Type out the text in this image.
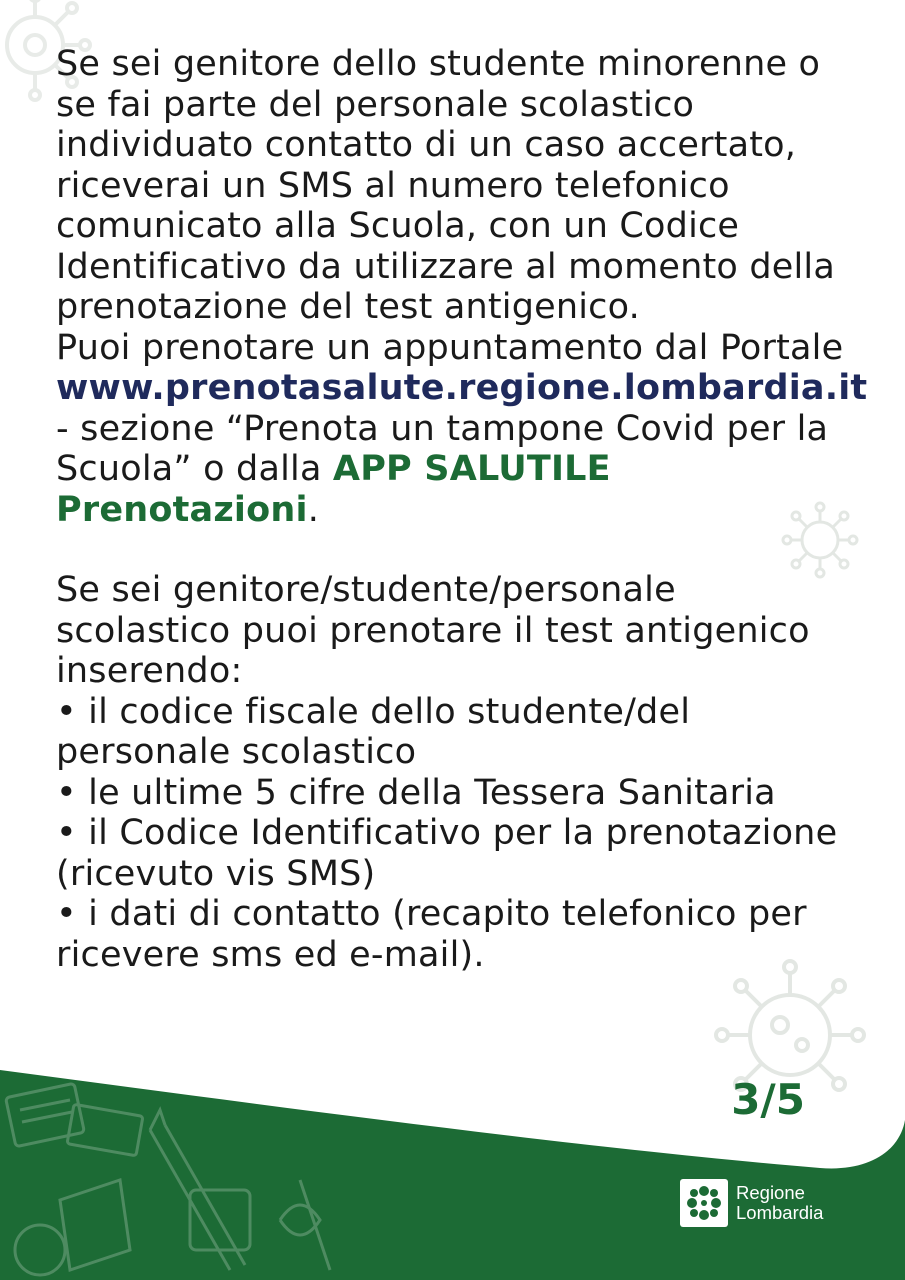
Se sei genitore dello studente minorenne o se fai parte del personale scolastico individuato contatto di un caso accertato, riceverai un SMS al numero telefonico comunicato alla Scuola, con un Codice Identificativo da utilizzare al momento della prenotazione del test antigenico.

Puoi prenotare un appuntamento dal Portale www.prenotasalute.regione.lombardia.it - sezione “Prenota un tampone Covid per la Scuola” o dalla APP SALUTILE Prenotazioni.

Se sei genitore/studente/personale scolastico puoi prenotare il test antigenico inserendo:

• il codice fiscale dello studente/del personale scolastico

• le ultime 5 cifre della Tessera Sanitaria

• il Codice Identificativo per la prenotazione (ricevuto vis SMS)

• i dati di contatto (recapito telefonico per ricevere sms ed e-mail).

3/5
Regione
Lombardia
